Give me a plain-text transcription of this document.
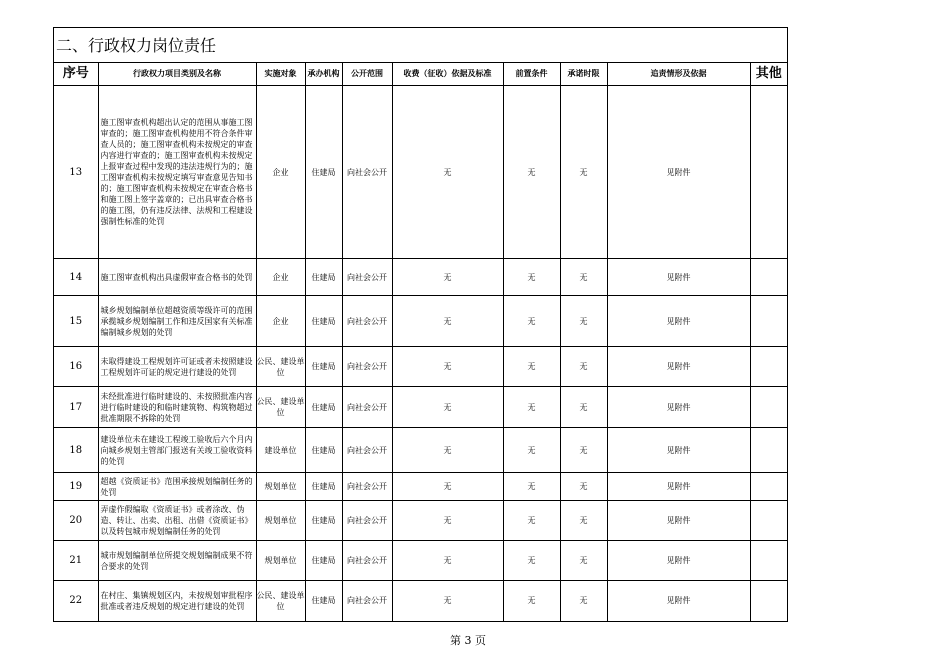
二、行政权力岗位责任
序号	行政权力项目类别及名称	实施对象	承办机构	公开范围	收费（征收）依据及标准	前置条件	承诺时限	追责情形及依据	其他
13	施工图审查机构超出认定的范围从事施工图审查的；施工图审查机构使用不符合条件审查人员的；施工图审查机构未按规定的审查内容进行审查的；施工图审查机构未按规定上报审查过程中发现的违法违规行为的；施工图审查机构未按规定填写审查意见告知书的；施工图审查机构未按规定在审查合格书和施工图上签字盖章的；已出具审查合格书的施工图，仍有违反法律、法规和工程建设强制性标准的处罚	企业	住建局	向社会公开	无	无	无	见附件	
14	施工图审查机构出具虚假审查合格书的处罚	企业	住建局	向社会公开	无	无	无	见附件	
15	城乡规划编制单位超越资质等级许可的范围承揽城乡规划编制工作和违反国家有关标准编制城乡规划的处罚	企业	住建局	向社会公开	无	无	无	见附件	
16	未取得建设工程规划许可证或者未按照建设工程规划许可证的规定进行建设的处罚	公民、建设单位	住建局	向社会公开	无	无	无	见附件	
17	未经批准进行临时建设的、未按照批准内容进行临时建设的和临时建筑物、构筑物超过批准期限不拆除的处罚	公民、建设单位	住建局	向社会公开	无	无	无	见附件	
18	建设单位未在建设工程竣工验收后六个月内向城乡规划主管部门报送有关竣工验收资料的处罚	建设单位	住建局	向社会公开	无	无	无	见附件	
19	超越《资质证书》范围承接规划编制任务的处罚	规划单位	住建局	向社会公开	无	无	无	见附件	
20	弄虚作假编取《资质证书》或者涂改、伪造、转让、出卖、出租、出借《资质证书》以及转包城市规划编制任务的处罚	规划单位	住建局	向社会公开	无	无	无	见附件	
21	城市规划编制单位所提交规划编制成果不符合要求的处罚	规划单位	住建局	向社会公开	无	无	无	见附件	
22	在村庄、集镇规划区内，未按规划审批程序批准或者违反规划的规定进行建设的处罚	公民、建设单位	住建局	向社会公开	无	无	无	见附件	
第 3 页
